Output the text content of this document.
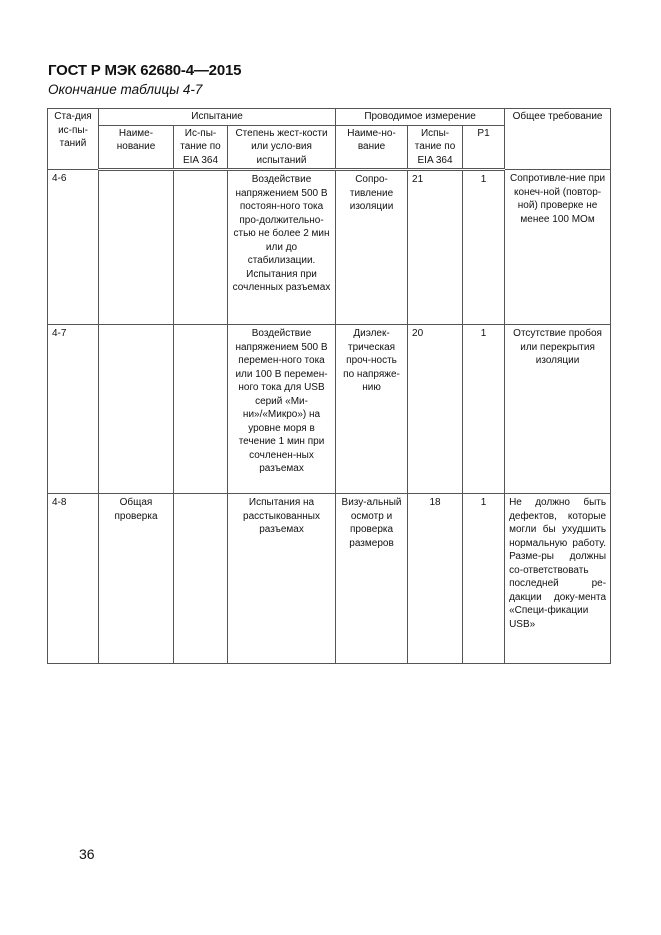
ГОСТ Р МЭК 62680-4—2015
Окончание таблицы 4-7
Ста-дия ис-пы-таний	Испытание			Проводимое измерение			Общее требование
	Наиме-нование	Ис-пы-тание по EIA 364	Степень жест-кости или усло-вия испытаний	Наиме-но-вание	Испы-тание по EIA 364	P1	
4-6			Воздействие напряжением 500 В постоян-ного тока про-должительно-стью не более 2 мин или до стабилизации. Испытания при сочленных разъемах	Сопро-тивление изоляции	21	1	Сопротивле-ние при конеч-ной (повтор-ной) проверке не менее 100 МОм
4-7			Воздействие напряжением 500 В перемен-ного тока или 100 В перемен-ного тока для USB серий «Ми-ни»/«Микро») на уровне моря в течение 1 мин при сочленен-ных разъемах	Диэлек-трическая проч-ность по напряже-нию	20	1	Отсутствие пробоя или перекрытия изоляции
4-8	Общая проверка		Испытания на расстыкованных разъемах	Визу-альный осмотр и проверка размеров	18	1	Не должно быть дефектов, которые могли бы ухудшить нормальную работу. Разме-ры должны со-ответствовать последней ре-дакции доку-мента «Специ-фикации USB»
36
